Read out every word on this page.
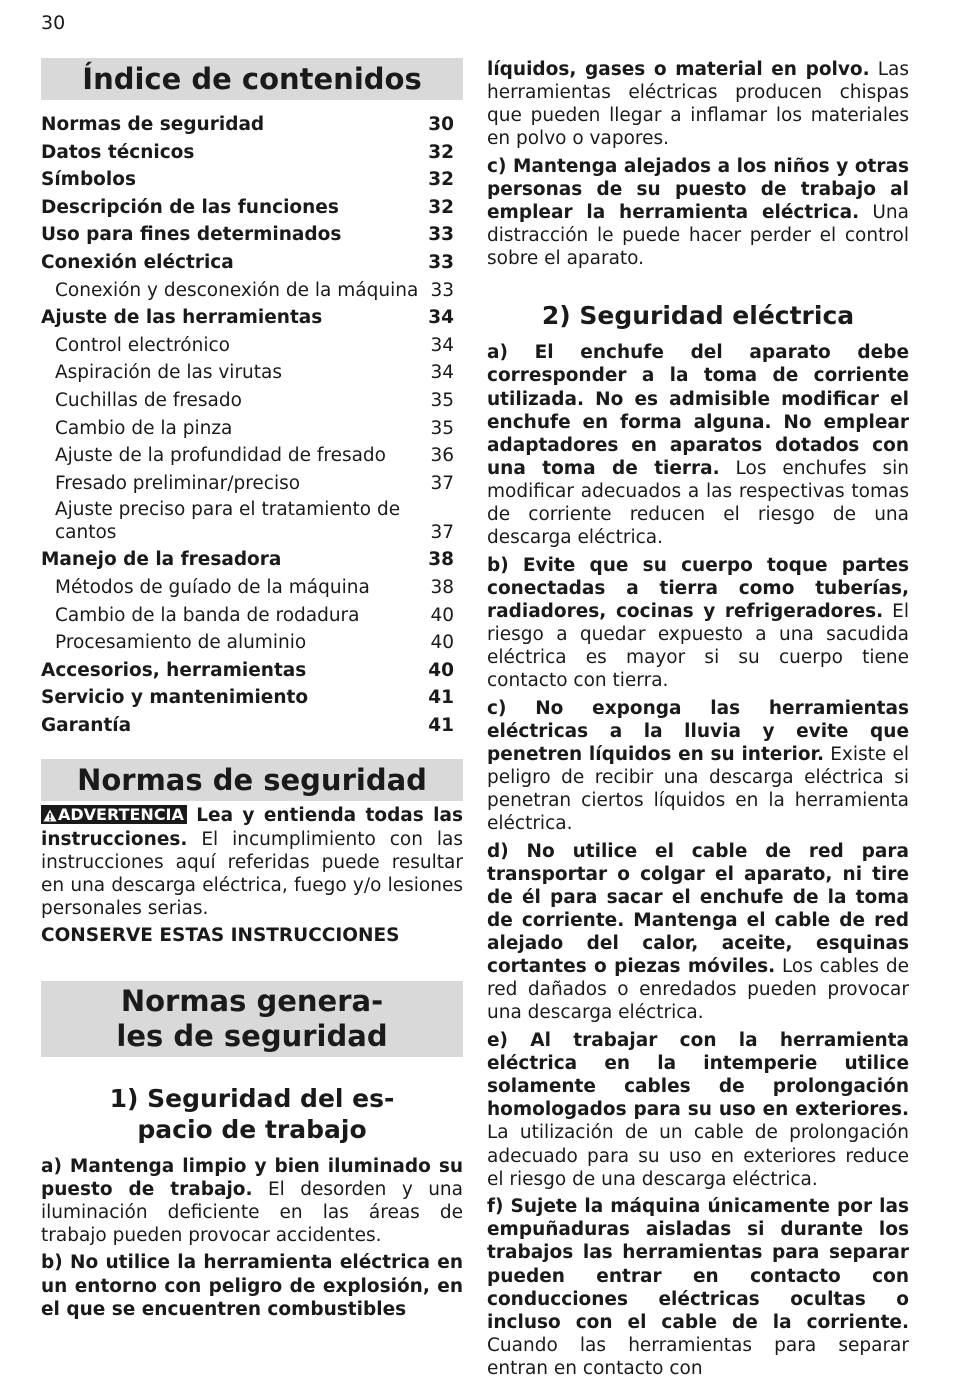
30
Índice de contenidos
Normas de seguridad	30
Datos técnicos	32
Símbolos	32
Descripción de las funciones	32
Uso para fines determinados	33
Conexión eléctrica	33
Conexión y desconexión de la máquina 33
Ajuste de las herramientas	34
Control electrónico	34
Aspiración de las virutas	34
Cuchillas de fresado	35
Cambio de la pinza	35
Ajuste de la profundidad de fresado 36
Fresado preliminar/preciso	37
Ajuste preciso para el tratamiento de cantos	37
Manejo de la fresadora	38
Métodos de guíado de la máquina	38
Cambio de la banda de rodadura	40
Procesamiento de aluminio	40
Accesorios, herramientas	40
Servicio y mantenimiento	41
Garantía	41
Normas de seguridad

ADVERTENCIA Lea y entienda todas las instrucciones. El incumplimiento con las instrucciones aquí referidas puede resultar en una descarga eléctrica, fuego y/o lesiones personales serias.

CONSERVE ESTAS INSTRUCCIONES

Normas genera-
les de seguridad
1) Seguridad del es-
pacio de trabajo

a) Mantenga limpio y bien iluminado su puesto de trabajo. El desorden y una iluminación deficiente en las áreas de trabajo pueden provocar accidentes.

b) No utilice la herramienta eléctrica en un entorno con peligro de explosión, en el que se encuentren combustibles

líquidos, gases o material en polvo. Las herramientas eléctricas producen chispas que pueden llegar a inflamar los materiales en polvo o vapores.

c) Mantenga alejados a los niños y otras personas de su puesto de trabajo al emplear la herramienta eléctrica. Una distracción le puede hacer perder el control sobre el aparato.

2) Seguridad eléctrica

a) El enchufe del aparato debe corresponder a la toma de corriente utilizada. No es admisible modificar el enchufe en forma alguna. No emplear adaptadores en aparatos dotados con una toma de tierra. Los enchufes sin modificar adecuados a las respectivas tomas de corriente reducen el riesgo de una descarga eléctrica.

b) Evite que su cuerpo toque partes conectadas a tierra como tuberías, radiadores, cocinas y refrigeradores. El riesgo a quedar expuesto a una sacudida eléctrica es mayor si su cuerpo tiene contacto con tierra.

c) No exponga las herramientas eléctricas a la lluvia y evite que penetren líquidos en su interior. Existe el peligro de recibir una descarga eléctrica si penetran ciertos líquidos en la herramienta eléctrica.

d) No utilice el cable de red para transportar o colgar el aparato, ni tire de él para sacar el enchufe de la toma de corriente. Mantenga el cable de red alejado del calor, aceite, esquinas cortantes o piezas móviles. Los cables de red dañados o enredados pueden provocar una descarga eléctrica.

e) Al trabajar con la herramienta eléctrica en la intemperie utilice solamente cables de prolongación homologados para su uso en exteriores. La utilización de un cable de prolongación adecuado para su uso en exteriores reduce el riesgo de una descarga eléctrica.

f) Sujete la máquina únicamente por las empuñaduras aisladas si durante los trabajos las herramientas para separar pueden entrar en contacto con conducciones eléctricas ocultas o incluso con el cable de la corriente. Cuando las herramientas para separar entran en contacto con
